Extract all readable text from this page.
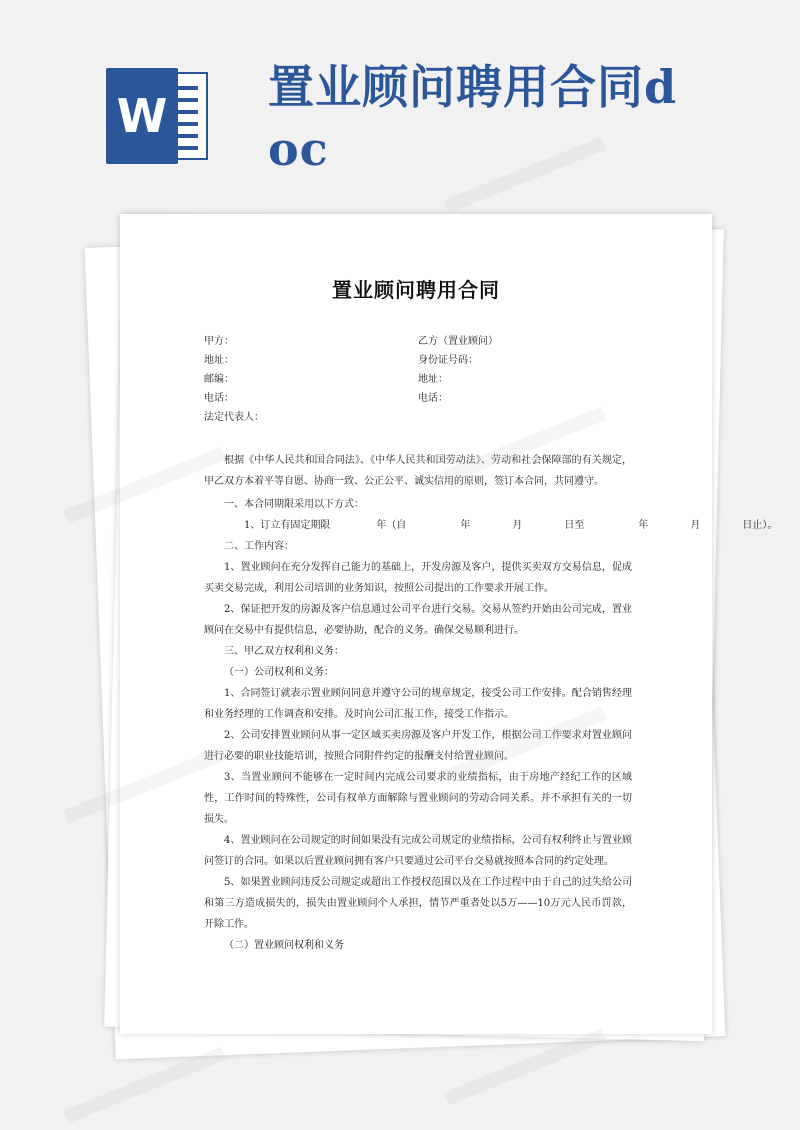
W
置业顾问聘用合同doc
置业顾问聘用合同
甲方：	乙方（置业顾问）
地址：	身份证号码：
邮编：	地址：
电话：	电话：
法定代表人：

根据《中华人民共和国合同法》、《中华人民共和国劳动法》、劳动和社会保障部的有关规定，甲乙双方本着平等自愿、协商一致、公正公平、诚实信用的原则，签订本合同，共同遵守。

一、本合同期限采用以下方式：

1、订立有固定期限	年（自	年	月	日至	年	月	日止）。

二、工作内容：

1、置业顾问在充分发挥自己能力的基础上，开发房源及客户，提供买卖双方交易信息，促成买卖交易完成，利用公司培训的业务知识，按照公司提出的工作要求开展工作。

2、保证把开发的房源及客户信息通过公司平台进行交易。交易从签约开始由公司完成，置业顾问在交易中有提供信息，必要协助，配合的义务。确保交易顺利进行。

三、甲乙双方权利和义务：

（一）公司权利和义务：

1、合同签订就表示置业顾问同意并遵守公司的规章规定，接受公司工作安排。配合销售经理和业务经理的工作调查和安排。及时向公司汇报工作，接受工作指示。

2、公司安排置业顾问从事一定区域买卖房源及客户开发工作，根据公司工作要求对置业顾问进行必要的职业技能培训，按照合同附件约定的报酬支付给置业顾问。

3、当置业顾问不能够在一定时间内完成公司要求的业绩指标，由于房地产经纪工作的区域性，工作时间的特殊性，公司有权单方面解除与置业顾问的劳动合同关系。并不承担有关的一切损失。

4、置业顾问在公司规定的时间如果没有完成公司规定的业绩指标，公司有权利终止与置业顾问签订的合同。如果以后置业顾问拥有客户只要通过公司平台交易就按照本合同的约定处理。

5、如果置业顾问违反公司规定或超出工作授权范围以及在工作过程中由于自己的过失给公司和第三方造成损失的，损失由置业顾问个人承担，情节严重者处以5万——10万元人民币罚款，开除工作。

（二）置业顾问权利和义务
